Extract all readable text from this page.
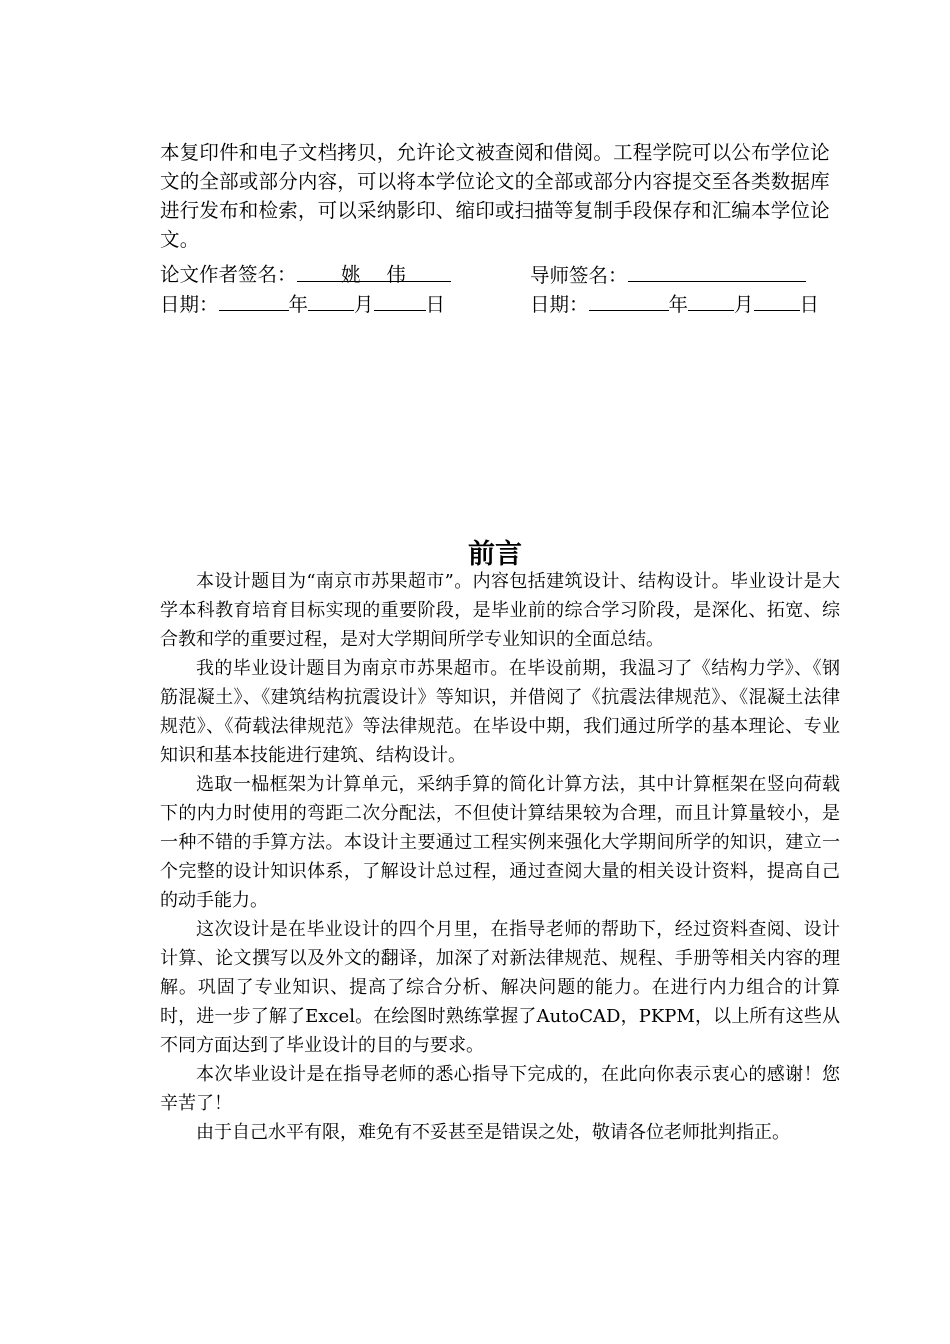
本复印件和电子文档拷贝，允许论文被查阅和借阅。工程学院可以公布学位论文的全部或部分内容，可以将本学位论文的全部或部分内容提交至各类数据库进行发布和检索，可以采纳影印、缩印或扫描等复制手段保存和汇编本学位论文。

论文作者签名： 姚　 伟	导师签名：
日期：	年 月	日	日期：	年 月 日
前言

本设计题目为“南京市苏果超市”。内容包括建筑设计、结构设计。毕业设计是大学本科教育培育目标实现的重要阶段，是毕业前的综合学习阶段，是深化、拓宽、综合教和学的重要过程，是对大学期间所学专业知识的全面总结。

我的毕业设计题目为南京市苏果超市。在毕设前期，我温习了《结构力学》、《钢筋混凝土》、《建筑结构抗震设计》等知识，并借阅了《抗震法律规范》、《混凝土法律规范》、《荷载法律规范》等法律规范。在毕设中期，我们通过所学的基本理论、专业知识和基本技能进行建筑、结构设计。

选取一榀框架为计算单元，采纳手算的简化计算方法，其中计算框架在竖向荷载下的内力时使用的弯距二次分配法，不但使计算结果较为合理，而且计算量较小，是一种不错的手算方法。本设计主要通过工程实例来强化大学期间所学的知识，建立一个完整的设计知识体系，了解设计总过程，通过查阅大量的相关设计资料，提高自己的动手能力。

这次设计是在毕业设计的四个月里，在指导老师的帮助下，经过资料查阅、设计计算、论文撰写以及外文的翻译，加深了对新法律规范、规程、手册等相关内容的理解。巩固了专业知识、提高了综合分析、解决问题的能力。在进行内力组合的计算时，进一步了解了Excel。在绘图时熟练掌握了AutoCAD，PKPM，以上所有这些从不同方面达到了毕业设计的目的与要求。

本次毕业设计是在指导老师的悉心指导下完成的，在此向你表示衷心的感谢！您辛苦了！

由于自己水平有限，难免有不妥甚至是错误之处，敬请各位老师批判指正。
